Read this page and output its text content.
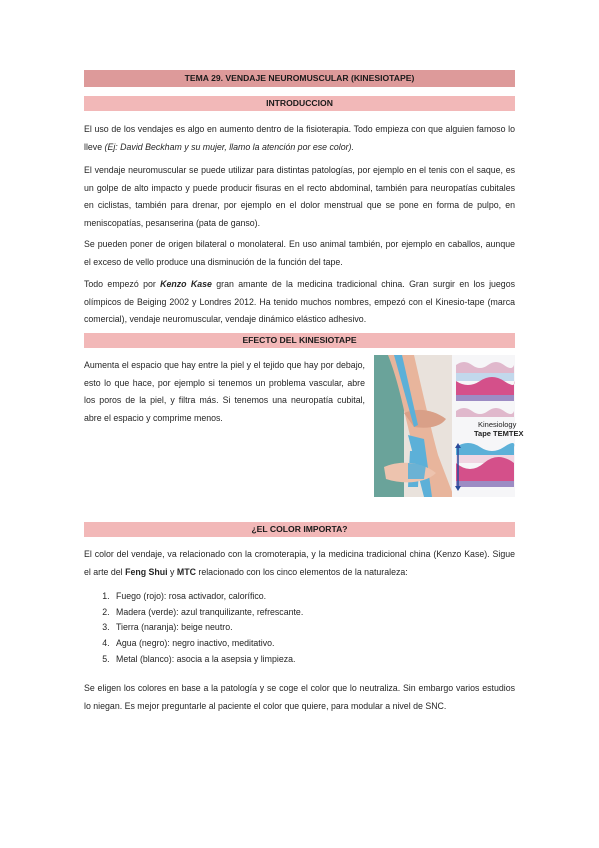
TEMA 29. VENDAJE NEUROMUSCULAR (KINESIOTAPE)
INTRODUCCION
El uso de los vendajes es algo en aumento dentro de la fisioterapia. Todo empieza con que alguien famoso lo lleve (Ej: David Beckham y su mujer, llamo la atención por ese color).
El vendaje neuromuscular se puede utilizar para distintas patologías, por ejemplo en el tenis con el saque, es un golpe de alto impacto y puede producir fisuras en el recto abdominal, también para neuropatías cubitales en ciclistas, también para drenar, por ejemplo en el dolor menstrual que se pone en forma de pulpo, en meniscopatías, pesanserina (pata de ganso).
Se pueden poner de origen bilateral o monolateral. En uso animal también, por ejemplo en caballos, aunque el exceso de vello produce una disminución de la función del tape.
Todo empezó por Kenzo Kase gran amante de la medicina tradicional china. Gran surgir en los juegos olímpicos de Beiging 2002 y Londres 2012. Ha tenido muchos nombres, empezó con el Kinesio-tape (marca comercial), vendaje neuromuscular, vendaje dinámico elástico adhesivo.
EFECTO DEL KINESIOTAPE
Aumenta el espacio que hay entre la piel y el tejido que hay por debajo, esto lo que hace, por ejemplo si tenemos un problema vascular, abre los poros de la piel, y filtra más. Si tenemos una neuropatía cubital, abre el espacio y comprime menos.
Kinesiology
Tape TEMTEX
¿EL COLOR IMPORTA?
El color del vendaje, va relacionado con la cromoterapia, y la medicina tradicional china (Kenzo Kase). Sigue el arte del Feng Shui y MTC relacionado con los cinco elementos de la naturaleza:
1. Fuego (rojo): rosa activador, calorífico.
2. Madera (verde): azul tranquilizante, refrescante.
3. Tierra (naranja): beige neutro.
4. Agua (negro): negro inactivo, meditativo.
5. Metal (blanco): asocia a la asepsia y limpieza.
Se eligen los colores en base a la patología y se coge el color que lo neutraliza. Sin embargo varios estudios lo niegan. Es mejor preguntarle al paciente el color que quiere, para modular a nivel de SNC.
